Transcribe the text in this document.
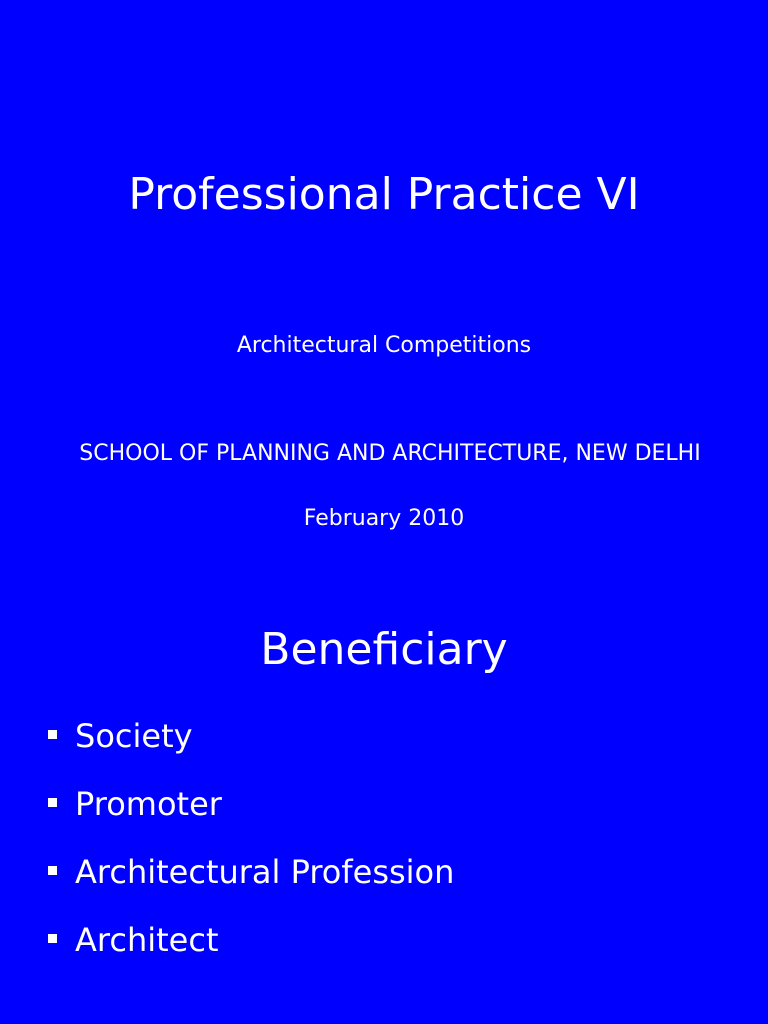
Professional Practice VI
Architectural Competitions
SCHOOL OF PLANNING AND ARCHITECTURE, NEW DELHI
February 2010
Beneficiary
Society
Promoter
Architectural Profession
Architect
